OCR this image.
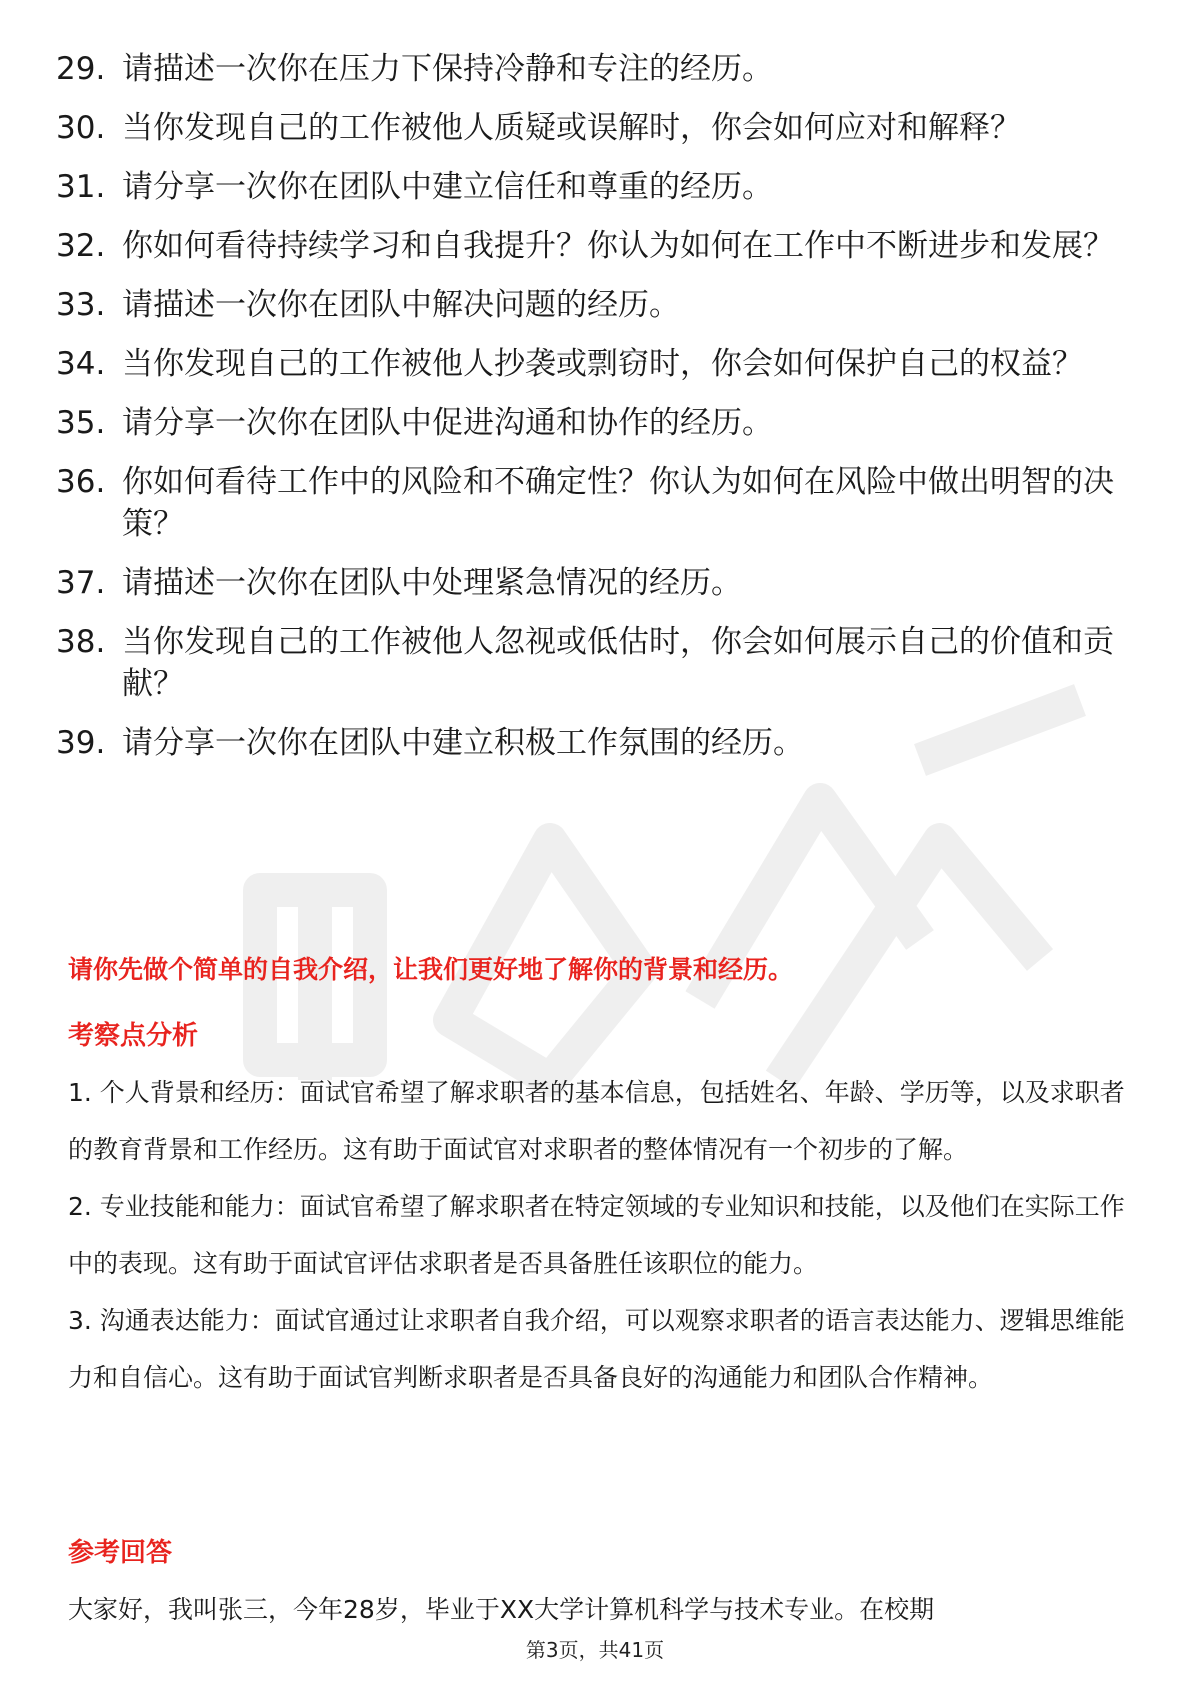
29. 请描述一次你在压力下保持冷静和专注的经历。
30. 当你发现自己的工作被他人质疑或误解时，你会如何应对和解释？
31. 请分享一次你在团队中建立信任和尊重的经历。
32. 你如何看待持续学习和自我提升？你认为如何在工作中不断进步和发展？
33. 请描述一次你在团队中解决问题的经历。
34. 当你发现自己的工作被他人抄袭或剽窃时，你会如何保护自己的权益？
35. 请分享一次你在团队中促进沟通和协作的经历。
36. 你如何看待工作中的风险和不确定性？你认为如何在风险中做出明智的决策？
37. 请描述一次你在团队中处理紧急情况的经历。
38. 当你发现自己的工作被他人忽视或低估时，你会如何展示自己的价值和贡献？
39. 请分享一次你在团队中建立积极工作氛围的经历。
请你先做个简单的自我介绍，让我们更好地了解你的背景和经历。
考察点分析

1. 个人背景和经历：面试官希望了解求职者的基本信息，包括姓名、年龄、学历等，以及求职者的教育背景和工作经历。这有助于面试官对求职者的整体情况有一个初步的了解。

2. 专业技能和能力：面试官希望了解求职者在特定领域的专业知识和技能，以及他们在实际工作中的表现。这有助于面试官评估求职者是否具备胜任该职位的能力。

3. 沟通表达能力：面试官通过让求职者自我介绍，可以观察求职者的语言表达能力、逻辑思维能力和自信心。这有助于面试官判断求职者是否具备良好的沟通能力和团队合作精神。

参考回答
大家好，我叫张三，今年28岁，毕业于XX大学计算机科学与技术专业。在校期
第3页，共41页
